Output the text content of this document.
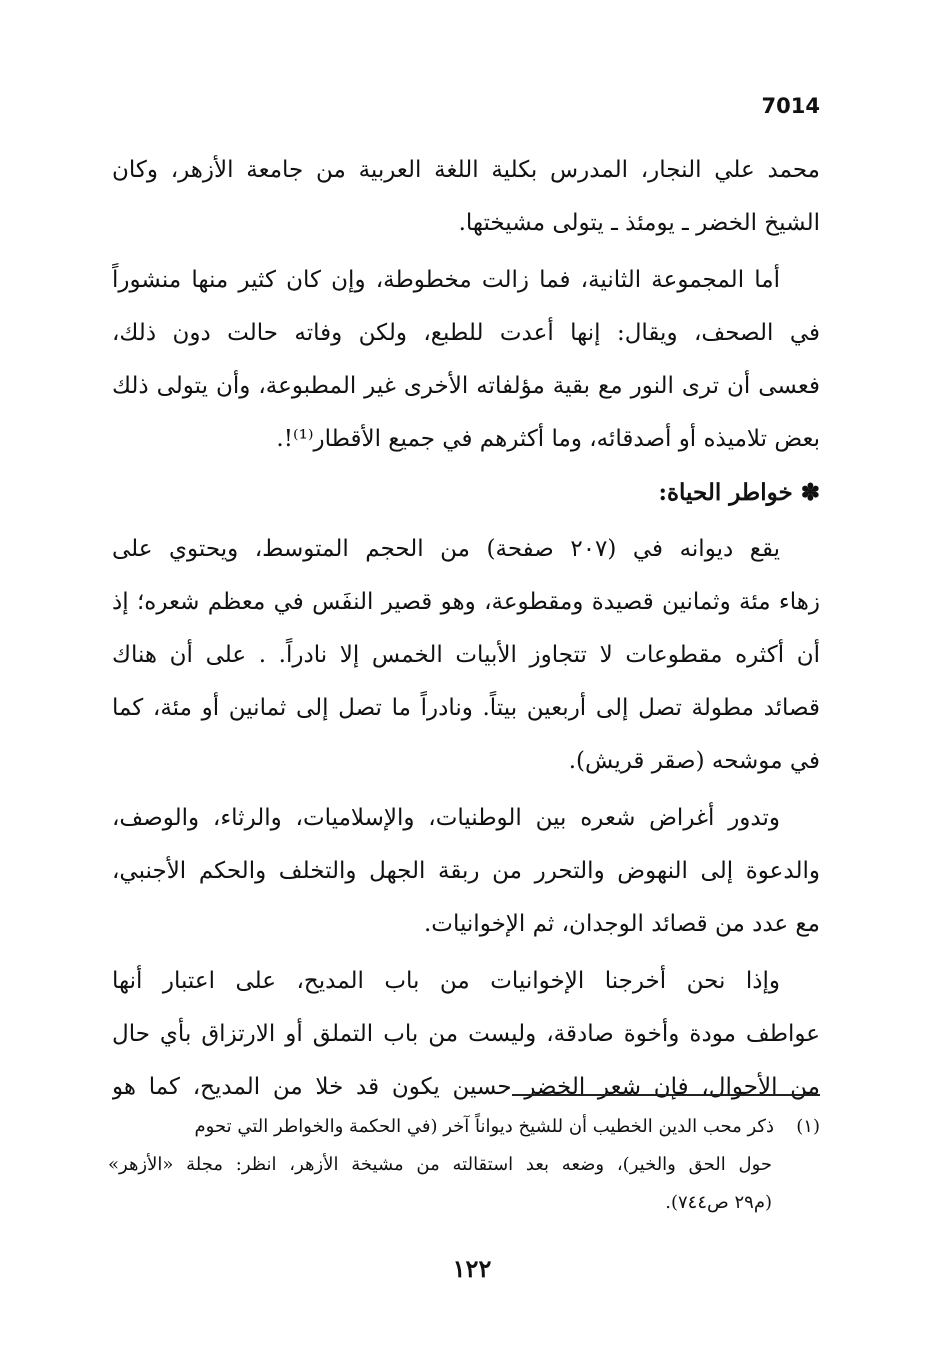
7014
محمد علي النجار، المدرس بكلية اللغة العربية من جامعة الأزهر، وكان
الشيخ الخضر ـ يومئذ ـ يتولى مشيختها.
أما المجموعة الثانية، فما زالت مخطوطة، وإن كان كثير منها منشوراً
في الصحف، ويقال: إنها أعدت للطبع، ولكن وفاته حالت دون ذلك،
فعسى أن ترى النور مع بقية مؤلفاته الأخرى غير المطبوعة، وأن يتولى ذلك
بعض تلاميذه أو أصدقائه، وما أكثرهم في جميع الأقطار⁽¹⁾!.
✽ خواطر الحياة:
يقع ديوانه في (٢٠٧ صفحة) من الحجم المتوسط، ويحتوي على
زهاء مئة وثمانين قصيدة ومقطوعة، وهو قصير النفَس في معظم شعره؛ إذ
أن أكثره مقطوعات لا تتجاوز الأبيات الخمس إلا نادراً. . على أن هناك
قصائد مطولة تصل إلى أربعين بيتاً. ونادراً ما تصل إلى ثمانين أو مئة، كما
في موشحه (صقر قريش).
وتدور أغراض شعره بين الوطنيات، والإسلاميات، والرثاء، والوصف،
والدعوة إلى النهوض والتحرر من ربقة الجهل والتخلف والحكم الأجنبي،
مع عدد من قصائد الوجدان، ثم الإخوانيات.
وإذا نحن أخرجنا الإخوانيات من باب المديح، على اعتبار أنها
عواطف مودة وأخوة صادقة، وليست من باب التملق أو الارتزاق بأي حال
من الأحوال، فإن شعر الخضر حسين يكون قد خلا من المديح، كما هو
(١)ذكر محب الدين الخطيب أن للشيخ ديواناً آخر (في الحكمة والخواطر التي تحوم
حول الحق والخير)، وضعه بعد استقالته من مشيخة الأزهر، انظر: مجلة «الأزهر»
(م٢٩ ص٧٤٤).
١٢٢
